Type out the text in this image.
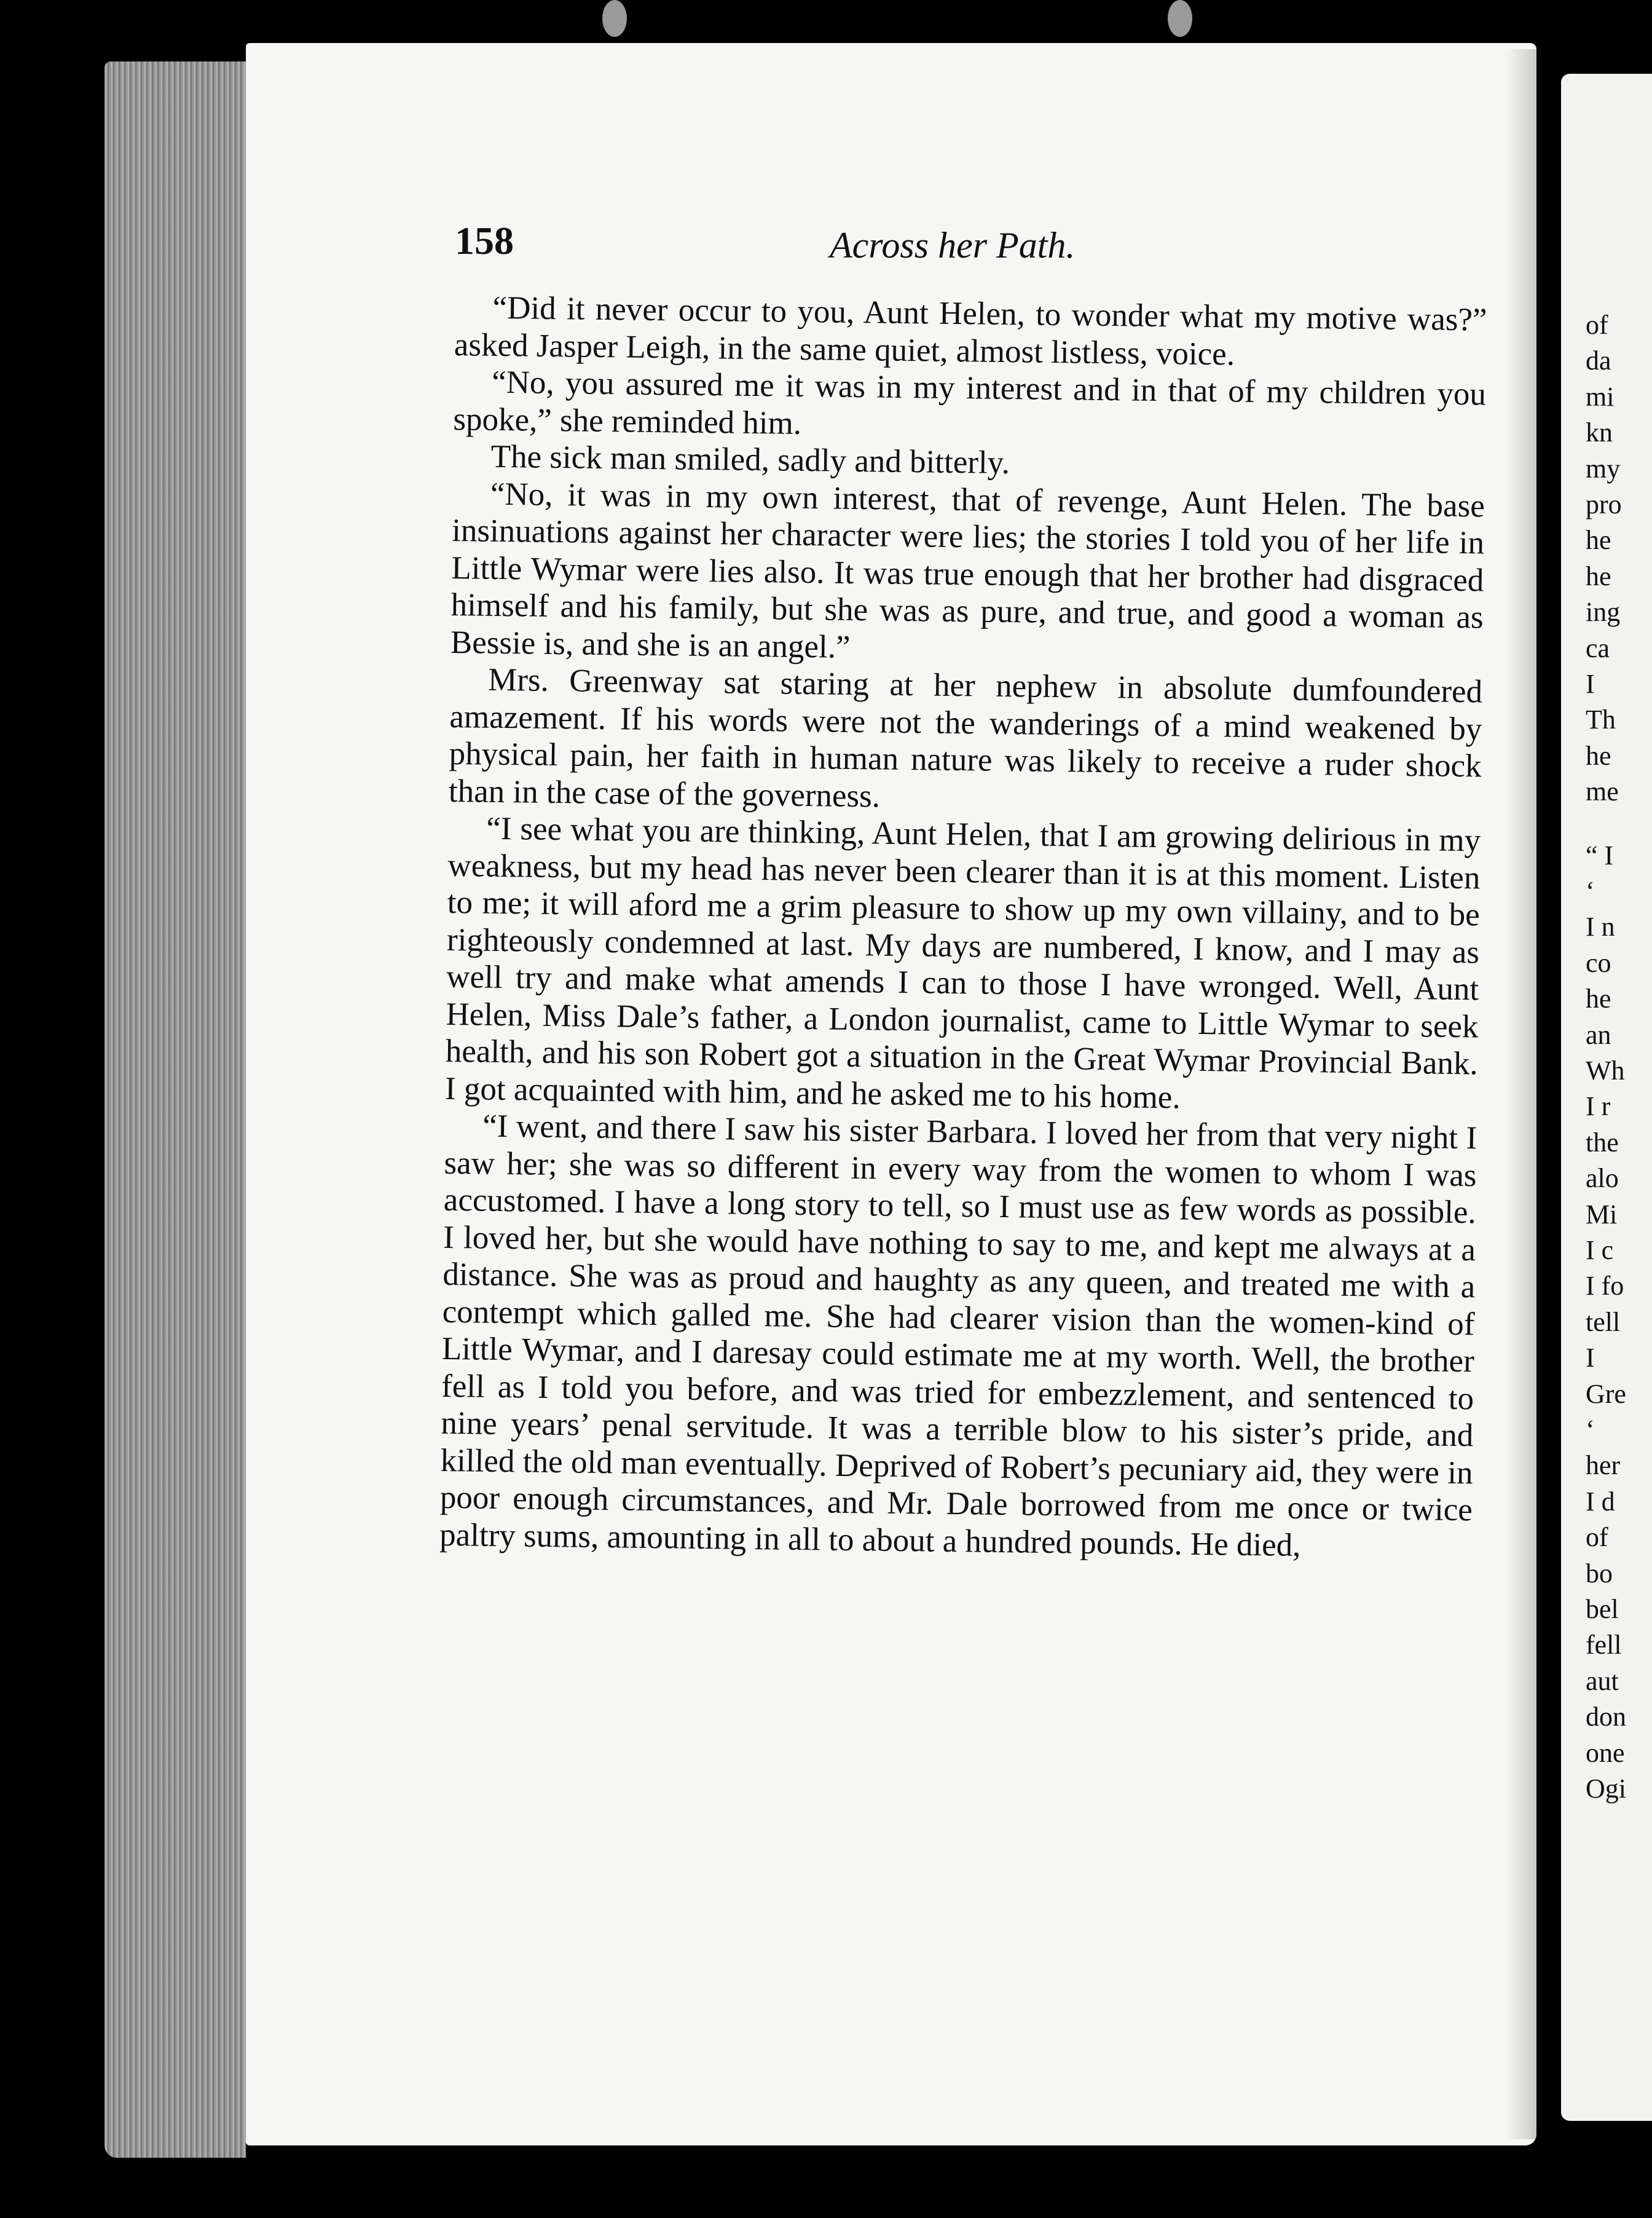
158	Across her Path.

“Did it never occur to you, Aunt Helen, to wonder what my motive was?” asked Jasper Leigh, in the same quiet, almost listless, voice.

“No, you assured me it was in my interest and in that of my children you spoke,” she reminded him.

The sick man smiled, sadly and bitterly.

“No, it was in my own interest, that of revenge, Aunt Helen. The base insinuations against her character were lies; the stories I told you of her life in Little Wymar were lies also. It was true enough that her brother had disgraced himself and his family, but she was as pure, and true, and good a woman as Bessie is, and she is an angel.”

Mrs. Greenway sat staring at her nephew in absolute dumfoundered amazement. If his words were not the wanderings of a mind weakened by physical pain, her faith in human nature was likely to receive a ruder shock than in the case of the governess.

“I see what you are thinking, Aunt Helen, that I am growing delirious in my weakness, but my head has never been clearer than it is at this moment. Listen to me; it will aford me a grim pleasure to show up my own villainy, and to be righteously condemned at last. My days are numbered, I know, and I may as well try and make what amends I can to those I have wronged. Well, Aunt Helen, Miss Dale’s father, a London journalist, came to Little Wymar to seek health, and his son Robert got a situation in the Great Wymar Provincial Bank. I got acquainted with him, and he asked me to his home.

“I went, and there I saw his sister Barbara. I loved her from that very night I saw her; she was so different in every way from the women to whom I was accustomed. I have a long story to tell, so I must use as few words as possible. I loved her, but she would have nothing to say to me, and kept me always at a distance. She was as proud and haughty as any queen, and treated me with a contempt which galled me. She had clearer vision than the women-kind of Little Wymar, and I daresay could estimate me at my worth. Well, the brother fell as I told you before, and was tried for embezzlement, and sentenced to nine years’ penal servitude. It was a terrible blow to his sister’s pride, and killed the old man eventually. Deprived of Robert’s pecuniary aid, they were in poor enough circumstances, and Mr. Dale borrowed from me once or twice paltry sums, amounting in all to about a hundred pounds. He died,

of
da
mi
kn
my
pro
he
he
ing
ca
I
Th
he
me
“ I
‘
I n
co
he
an
Wh
I r
the
alo
Mi
I c
I fo
tell
I
Gre
‘
her
I d
of
bo
bel
fell
aut
don
one
Ogi
